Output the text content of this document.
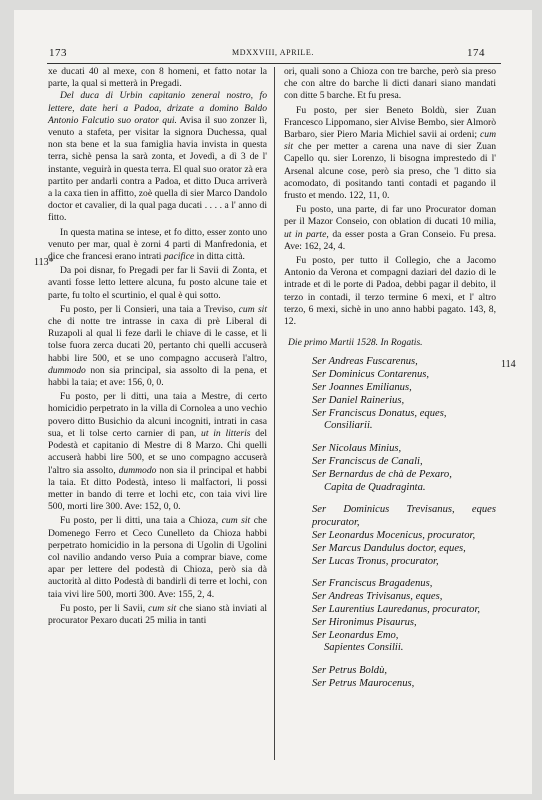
173	MDXXVIII, APRILE.	174
113*
114

xe ducati 40 al mexe, con 8 homeni, et fatto notar la parte, la qual si metterà in Pregadi.

Del duca di Urbin capitanio zeneral nostro, fo lettere, date heri a Padoa, drizate a domino Baldo Antonio Falcutio suo orator qui. Avisa il suo zonzer lì, venuto a stafeta, per visitar la signora Duchessa, qual non sta bene et la sua famiglia havia invista in questa terra, sichè pensa la sarà zonta, et Jovedì, a dì 3 de l' instante, veguirà in questa terra. El qual suo orator zà era partito per andarli contra a Padoa, et ditto Duca arriverà a la caxa tien in affitto, zoè quella di sier Marco Dandolo doctor et cavalier, di la qual paga ducati . . . . a l' anno di fitto.

In questa matina se intese, et fo ditto, esser zonto uno venuto per mar, qual è zorni 4 parti di Manfredonia, et dice che francesi erano intrati pacifice in ditta città.

Da poi disnar, fo Pregadi per far li Savii di Zonta, et avanti fosse letto lettere alcuna, fu posto alcune taie et parte, fu tolto el scurtinio, el qual è qui sotto.

Fu posto, per li Consieri, una taia a Treviso, cum sit che di notte tre intrasse in caxa di prè Liberal di Ruzapoli al qual li feze darli le chiave di le casse, et li tolse fuora zerca ducati 20, pertanto chi quelli accuserà habbi lire 500, et se uno compagno accuserà l'altro, dummodo non sia principal, sia assolto di la pena, et habbi la taia; et ave: 156, 0, 0.

Fu posto, per li ditti, una taia a Mestre, di certo homicidio perpetrato in la villa di Cornolea a uno vechio povero ditto Busichio da alcuni incogniti, intrati in casa sua, et li tolse certo carnier di pan, ut in litteris del Podestà et capitanio di Mestre di 8 Marzo. Chi quelli accuserà habbi lire 500, et se uno compagno accuserà l'altro sia assolto, dummodo non sia il principal et habbi la taia. Et ditto Podestà, inteso li malfactori, li possi metter in bando di terre et lochi etc, con taia vivi lire 500, morti lire 300. Ave: 152, 0, 0.

Fu posto, per li ditti, una taia a Chioza, cum sit che Domenego Ferro et Ceco Cunelleto da Chioza habbi perpetrato homicidio in la persona di Ugolin di Ugolini col navilio andando verso Puia a comprar biave, come apar per lettere del podestà di Chioza, però sia dà auctorità al ditto Podestà di bandirli di terre et lochi, con taia vivi lire 500, morti 300. Ave: 155, 2, 4.

Fu posto, per li Savii, cum sit che siano stà inviati al procurator Pexaro ducati 25 milia in tanti

ori, quali sono a Chioza con tre barche, però sia preso che con altre do barche li dicti danari siano mandati con ditte 5 barche. Et fu presa.

Fu posto, per sier Beneto Boldù, sier Zuan Francesco Lippomano, sier Alvise Bembo, sier Almorò Barbaro, sier Piero Maria Michiel savii ai ordeni; cum sit che per metter a carena una nave di sier Zuan Capello qu. sier Lorenzo, li bisogna imprestedo di l' Arsenal alcune cose, però sia preso, che 'l ditto sia acomodato, di positando tanti contadi et pagando il frusto et mendo. 122, 11, 0.

Fu posto, una parte, di far uno Procurator doman per il Mazor Conseio, con oblation di ducati 10 milia, ut in parte, da esser posta a Gran Conseio. Fu presa. Ave: 162, 24, 4.

Fu posto, per tutto il Collegio, che a Jacomo Antonio da Verona et compagni daziari del dazio di le intrade et di le porte di Padoa, debbi pagar il debito, il terzo in contadi, il terzo termine 6 mexi, et l' altro terzo, 6 mexi, sichè in uno anno habbi pagato. 143, 8, 12.

Die primo Martii 1528. In Rogatis.

Ser Andreas Fuscarenus,
Ser Dominicus Contarenus,
Ser Joannes Emilianus,
Ser Daniel Rainerius,
Ser Franciscus Donatus, eques,
Consiliarii.
Ser Nicolaus Minius,
Ser Franciscus de Canali,
Ser Bernardus de chà de Pexaro,
Capita de Quadraginta.
Ser Dominicus Trevisanus, eques procurator,
Ser Leonardus Mocenicus, procurator,
Ser Marcus Dandulus doctor, eques,
Ser Lucas Tronus, procurator,
Ser Franciscus Bragadenus,
Ser Andreas Trivisanus, eques,
Ser Laurentius Lauredanus, procurator,
Ser Hironimus Pisaurus,
Ser Leonardus Emo,
Sapientes Consilii.
Ser Petrus Boldù,
Ser Petrus Maurocenus,
